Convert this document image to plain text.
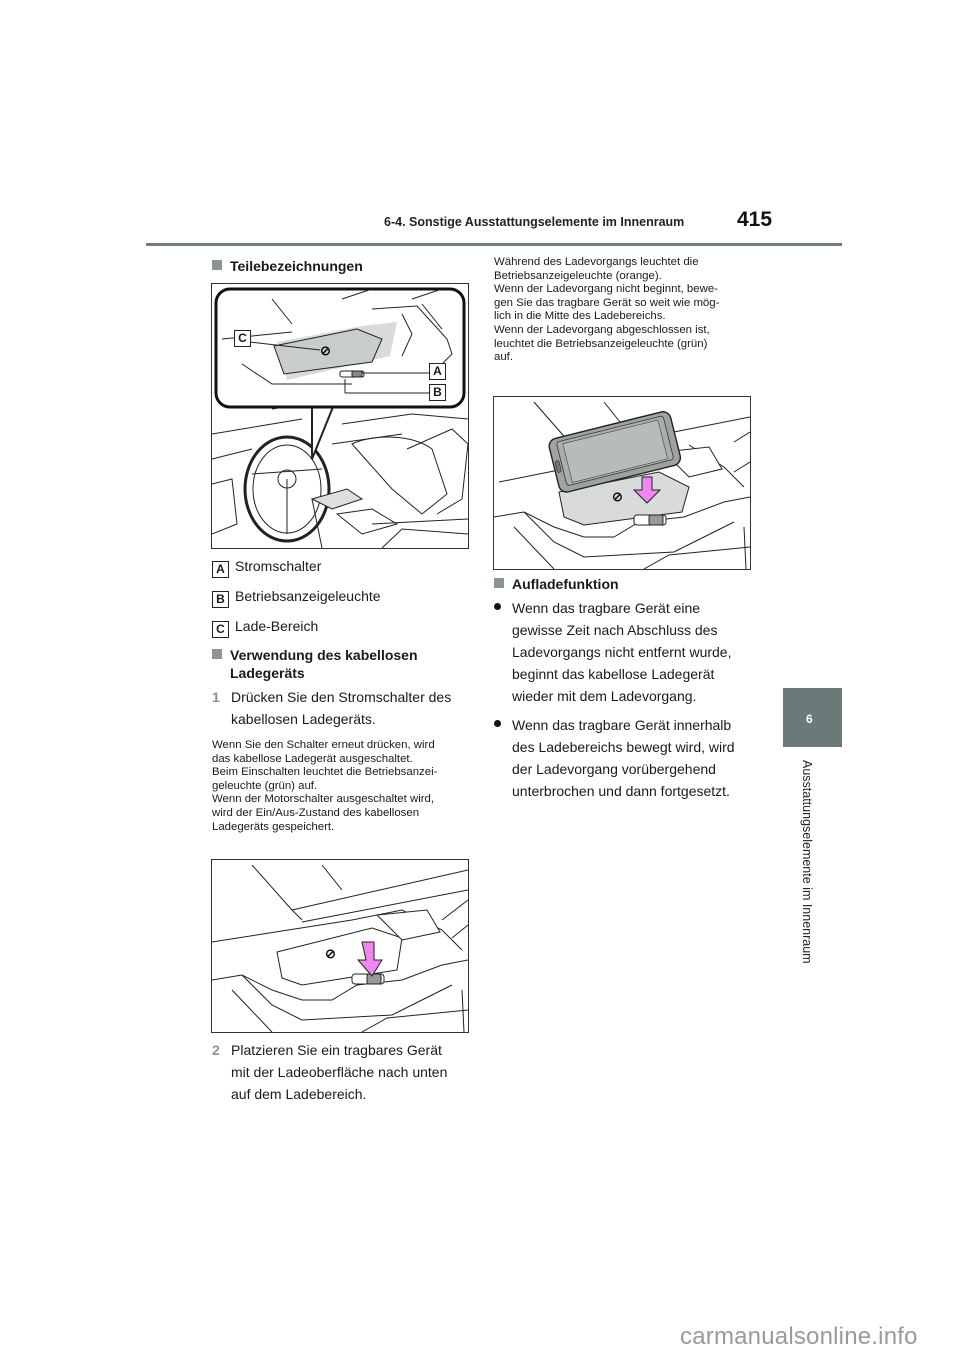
6-4. Sonstige Ausstattungselemente im Innenraum	415
6
Ausstattungselemente im Innenraum
Teilebezeichnungen
⊘
C
A
B
A Stromschalter
B Betriebsanzeigeleuchte
C Lade-Bereich
Verwendung des kabellosen
Ladegeräts
1 Drücken Sie den Stromschalter des
kabellosen Ladegeräts.
Wenn Sie den Schalter erneut drücken, wird
das kabellose Ladegerät ausgeschaltet.
Beim Einschalten leuchtet die Betriebsanzei-
geleuchte (grün) auf.
Wenn der Motorschalter ausgeschaltet wird,
wird der Ein/Aus-Zustand des kabellosen
Ladegeräts gespeichert.
⊘
2 Platzieren Sie ein tragbares Gerät
mit der Ladeoberfläche nach unten
auf dem Ladebereich.
Während des Ladevorgangs leuchtet die
Betriebsanzeigeleuchte (orange).
Wenn der Ladevorgang nicht beginnt, bewe-
gen Sie das tragbare Gerät so weit wie mög-
lich in die Mitte des Ladebereichs.
Wenn der Ladevorgang abgeschlossen ist,
leuchtet die Betriebsanzeigeleuchte (grün)
auf.
⊘
Aufladefunktion
Wenn das tragbare Gerät eine
gewisse Zeit nach Abschluss des
Ladevorgangs nicht entfernt wurde,
beginnt das kabellose Ladegerät
wieder mit dem Ladevorgang.
Wenn das tragbare Gerät innerhalb
des Ladebereichs bewegt wird, wird
der Ladevorgang vorübergehend
unterbrochen und dann fortgesetzt.
carmanualsonline.info
